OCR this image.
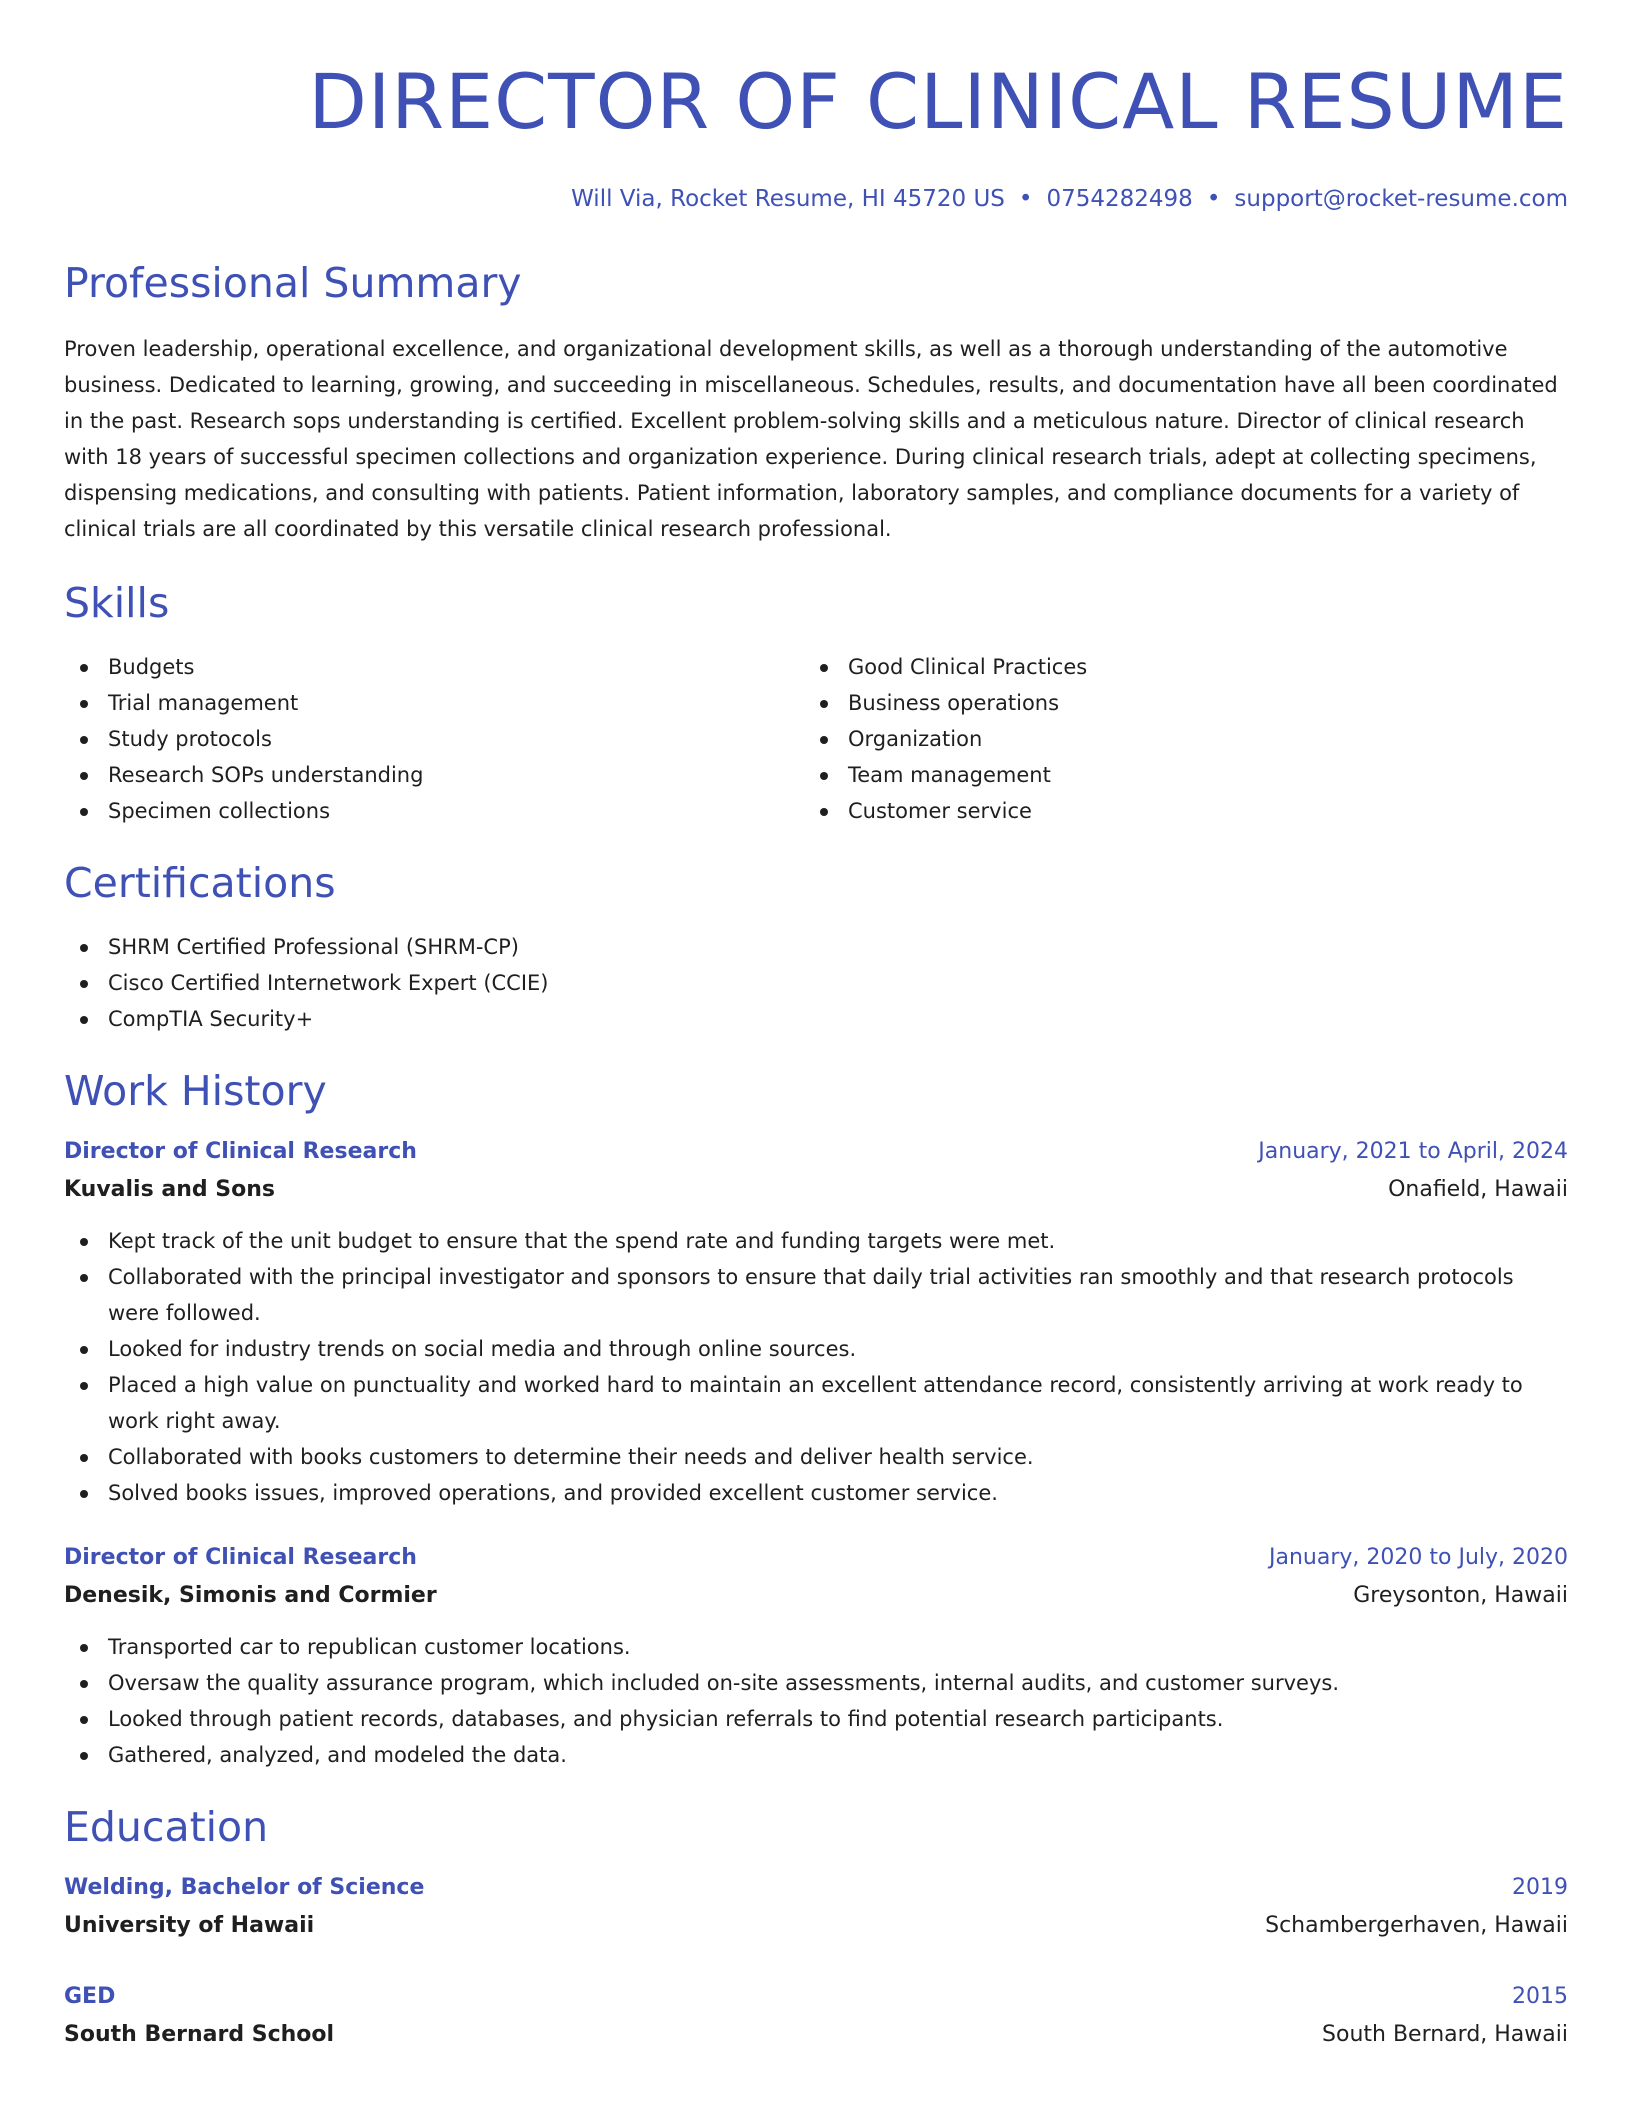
DIRECTOR OF CLINICAL RESUME
Will Via, Rocket Resume, HI 45720 US • 0754282498 • support@rocket-resume.com
Professional Summary

Proven leadership, operational excellence, and organizational development skills, as well as a thorough understanding of the automotive business. Dedicated to learning, growing, and succeeding in miscellaneous. Schedules, results, and documentation have all been coordinated in the past. Research sops understanding is certified. Excellent problem-solving skills and a meticulous nature. Director of clinical research with 18 years of successful specimen collections and organization experience. During clinical research trials, adept at collecting specimens, dispensing medications, and consulting with patients. Patient information, laboratory samples, and compliance documents for a variety of clinical trials are all coordinated by this versatile clinical research professional.

Skills
Budgets
Trial management
Study protocols
Research SOPs understanding
Specimen collections
Good Clinical Practices
Business operations
Organization
Team management
Customer service
Certifications
SHRM Certified Professional (SHRM-CP)
Cisco Certified Internetwork Expert (CCIE)
CompTIA Security+
Work History
Director of Clinical Research	January, 2021 to April, 2024
Kuvalis and Sons	Onafield, Hawaii
Kept track of the unit budget to ensure that the spend rate and funding targets were met.
Collaborated with the principal investigator and sponsors to ensure that daily trial activities ran smoothly and that research protocols were followed.
Looked for industry trends on social media and through online sources.
Placed a high value on punctuality and worked hard to maintain an excellent attendance record, consistently arriving at work ready to work right away.
Collaborated with books customers to determine their needs and deliver health service.
Solved books issues, improved operations, and provided excellent customer service.
Director of Clinical Research	January, 2020 to July, 2020
Denesik, Simonis and Cormier	Greysonton, Hawaii
Transported car to republican customer locations.
Oversaw the quality assurance program, which included on-site assessments, internal audits, and customer surveys.
Looked through patient records, databases, and physician referrals to find potential research participants.
Gathered, analyzed, and modeled the data.
Education
Welding, Bachelor of Science	2019
University of Hawaii	Schambergerhaven, Hawaii
GED	2015
South Bernard School	South Bernard, Hawaii
